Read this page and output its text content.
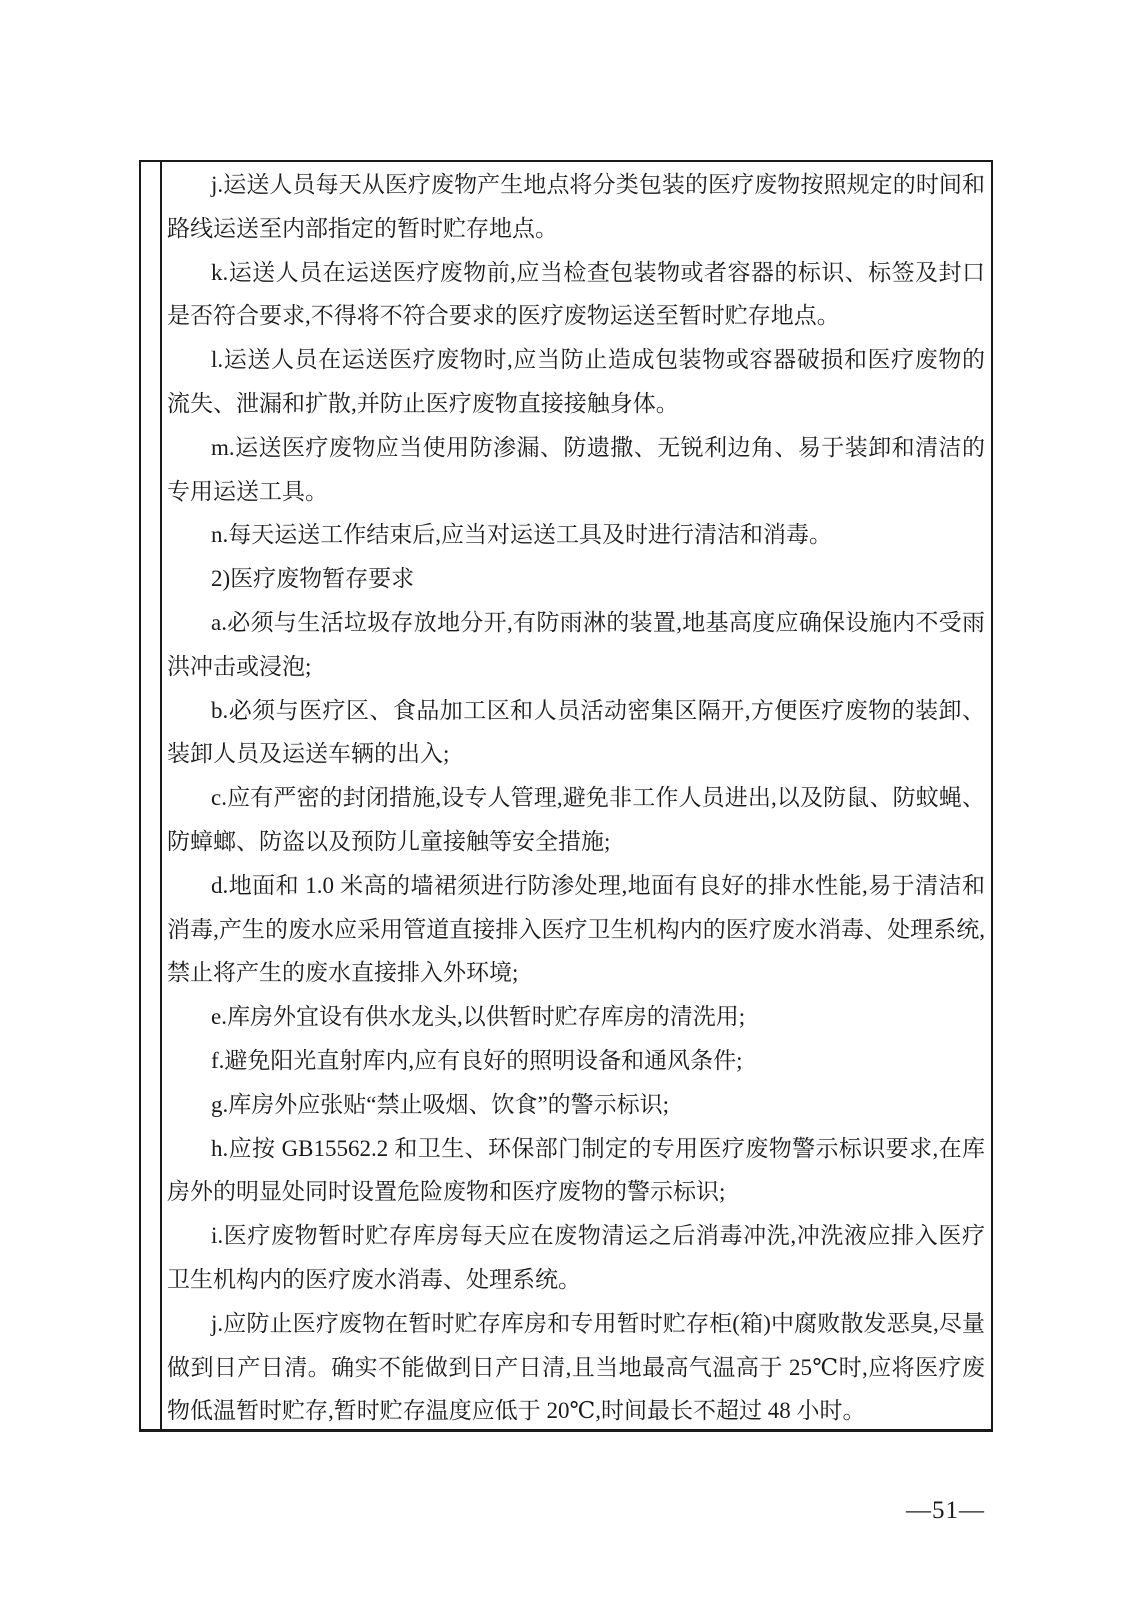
j.运送人员每天从医疗废物产生地点将分类包装的医疗废物按照规定的时间和路线运送至内部指定的暂时贮存地点。

k.运送人员在运送医疗废物前,应当检查包装物或者容器的标识、标签及封口是否符合要求,不得将不符合要求的医疗废物运送至暂时贮存地点。

l.运送人员在运送医疗废物时,应当防止造成包装物或容器破损和医疗废物的流失、泄漏和扩散,并防止医疗废物直接接触身体。

m.运送医疗废物应当使用防渗漏、防遗撒、无锐利边角、易于装卸和清洁的专用运送工具。

n.每天运送工作结束后,应当对运送工具及时进行清洁和消毒。

2)医疗废物暂存要求

a.必须与生活垃圾存放地分开,有防雨淋的装置,地基高度应确保设施内不受雨洪冲击或浸泡;

b.必须与医疗区、食品加工区和人员活动密集区隔开,方便医疗废物的装卸、装卸人员及运送车辆的出入;

c.应有严密的封闭措施,设专人管理,避免非工作人员进出,以及防鼠、防蚊蝇、防蟑螂、防盗以及预防儿童接触等安全措施;

d.地面和 1.0 米高的墙裙须进行防渗处理,地面有良好的排水性能,易于清洁和消毒,产生的废水应采用管道直接排入医疗卫生机构内的医疗废水消毒、处理系统,禁止将产生的废水直接排入外环境;

e.库房外宜设有供水龙头,以供暂时贮存库房的清洗用;

f.避免阳光直射库内,应有良好的照明设备和通风条件;

g.库房外应张贴“禁止吸烟、饮食”的警示标识;

h.应按 GB15562.2 和卫生、环保部门制定的专用医疗废物警示标识要求,在库房外的明显处同时设置危险废物和医疗废物的警示标识;

i.医疗废物暂时贮存库房每天应在废物清运之后消毒冲洗,冲洗液应排入医疗卫生机构内的医疗废水消毒、处理系统。

j.应防止医疗废物在暂时贮存库房和专用暂时贮存柜(箱)中腐败散发恶臭,尽量做到日产日清。确实不能做到日产日清,且当地最高气温高于 25℃时,应将医疗废物低温暂时贮存,暂时贮存温度应低于 20℃,时间最长不超过 48 小时。

—51—
